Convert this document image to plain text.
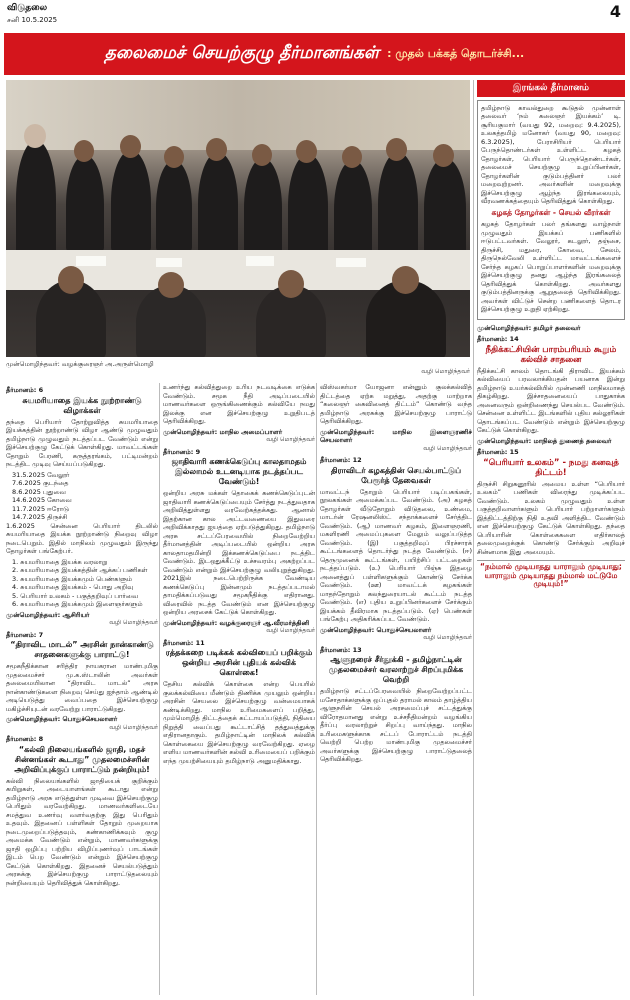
விடுதலை
சனி 10.5.2025	4
தலைமைச் செயற்குழு தீர்மானங்கள் : முதல் பக்கத் தொடர்ச்சி...
முன்மொழிந்தவர்: வழக்குரைஞர் அ.அருள்மொழி
வழி மொழிந்தவர்
தீர்மானம்: 6
சுயமரியாதை இயக்க நூற்றாண்டு விழாக்கள்
தந்தை பெரியார் தோற்றுவித்த சுயமரியாதை இயக்கத்தின் நூற்றாண்டு விழா ஆண்டு முழுவதும் தமிழ்நாடு முழுவதும் நடத்தப்பட வேண்டும் என்று இச்செயற்குழு கேட்டுக் கொள்கிறது. மாவட்டங்கள் தோறும் பேரணி, கருத்தரங்கம், பட்டிமன்றம் நடத்திட முடிவு செய்யப்படுகிறது.
31.5.2025 வேலூர்
7.6.2025 குடந்தை
8.6.2025 புதுவை
14.6.2025 கோவை
11.7.2025 ஈரோடு
14.7.2025 திருச்சி
1.6.2025 சென்னை பெரியார் திடலில் சுயமரியாதை இயக்க நூற்றாண்டு நிறைவு விழா நடைபெறும். இதில் மாநிலம் முழுவதும் இருந்து தோழர்கள் பங்கேற்பர்.
1. சுயமரியாதை இயக்க வரலாறு
2. சுயமரியாதை இயக்கத்தின் ஆக்கப் பணிகள்
3. சுயமரியாதை இயக்கமும் பெண்களும்
4. சுயமரியாதை இயக்கம் - பொது அறிவு
5. பெரியார் உலகம் - பகுத்தறிவுப் பார்வை
6. சுயமரியாதை இயக்கமும் இளைஞர்களும்
முன்மொழிந்தவர்: ஆசிரியர்
வழி மொழிந்தவர்
தீர்மானம்: 7
“திராவிட மாடல்” அரசின் நான்காண்டு சாதனைகளுக்கு பாராட்டு!
சமூகநீதிக்கான சரித்திர நாயகரான மாண்புமிகு முதலமைச்சர் மு.க.ஸ்டாலின் அவர்கள் தலைமையிலான “திராவிட மாடல்” அரசு நான்காண்டுகளை நிறைவு செய்து ஐந்தாம் ஆண்டில் அடியெடுத்து வைப்பதை இச்செயற்குழு மகிழ்ச்சியுடன் வரவேற்று பாராட்டுகிறது.
முன்மொழிந்தவர்: பொதுச்செயலாளர்
வழி மொழிந்தவர்
தீர்மானம்: 8
“கல்வி நிலையங்களில் ஜாதி, மதச் சின்னங்கள் கூடாது” முதலமைச்சரின் அறிவிப்புக்குப் பாராட்டும் நன்றியும்!
கல்வி நிலையங்களில் ஜாதியைக் குறிக்கும் கயிறுகள், அடையாளங்கள் கூடாது என்று தமிழ்நாடு அரசு எடுத்துள்ள முடிவை இச்செயற்குழு பெரிதும் வரவேற்கிறது. மாணவர்களிடையே சமத்துவ உணர்வு வளர்வதற்கு இது பெரிதும் உதவும். இதனைப் பள்ளிகள் தோறும் முறையாக நடைமுறைப்படுத்தவும், கண்காணிக்கவும் குழு அமைக்க வேண்டும் என்றும், மாணவர்களுக்கு ஜாதி ஒழிப்பு பற்றிய விழிப்புணர்வுப் பாடங்கள் இடம் பெற வேண்டும் என்றும் இச்செயற்குழு கேட்டுக் கொள்கிறது. இதனைச் செயல்படுத்தும் அரசுக்கு இச்செயற்குழு பாராட்டுதலையும் நன்றியையும் தெரிவித்துக் கொள்கிறது.
உணர்ந்து கல்வித்துறை உரிய நடவடிக்கை எடுக்க வேண்டும். சமூக நீதி அடிப்படையில் மாணவர்களை ஒருங்கிணைக்கும் கல்வியே நமது இலக்கு என இச்செயற்குழு உறுதிபடத் தெரிவிக்கிறது.
முன்மொழிந்தவர்: மாநில அமைப்பாளர்
வழி மொழிந்தவர்
தீர்மானம்: 9
ஜாதிவாரி கணக்கெடுப்பு காலதாமதம் இல்லாமல் உடனடியாக நடத்தப்பட வேண்டும்!
ஒன்றிய அரசு மக்கள் தொகைக் கணக்கெடுப்புடன் ஜாதிவாரி கணக்கெடுப்பையும் சேர்த்து நடத்துவதாக அறிவித்துள்ளது வரவேற்கத்தக்கது. ஆனால் இதற்கான கால அட்டவணையை இதுவரை அறிவிக்காதது ஐயத்தை ஏற்படுத்துகிறது. தமிழ்நாடு அரசு சட்டப்பேரவையில் நிறைவேற்றிய தீர்மானத்தின் அடிப்படையில் ஒன்றிய அரசு காலதாமதமின்றி இக்கணக்கெடுப்பை நடத்திட வேண்டும். இடஒதுக்கீட்டு உச்சவரம்பு அகற்றப்பட வேண்டும் என்றும் இச்செயற்குழு வலியுறுத்துகிறது. 2021இல் நடைபெற்றிருக்க வேண்டிய கணக்கெடுப்பு இன்னமும் நடத்தப்படாமல் தாமதிக்கப்படுவது சமூகநீதிக்கு எதிரானது. விரைவில் நடத்த வேண்டும் என இச்செயற்குழு ஒன்றிய அரசைக் கேட்டுக் கொள்கிறது.
முன்மொழிந்தவர்: வழக்குரைஞர் ஆ.வீரமர்த்தினி
வழி மொழிந்தவர்
தீர்மானம்: 11
ரத்தக்கறை படிக்கக் கல்வியைப் பறிக்கும் ஒன்றிய அரசின் புதியக் கல்விக் கொள்கை!
தேசிய கல்விக் கொள்கை என்ற பெயரில் குலக்கல்வியை மீண்டும் திணிக்க முயலும் ஒன்றிய அரசின் செயலை இச்செயற்குழு வன்மையாகக் கண்டிக்கிறது. மாநில உரிமைகளைப் பறித்து, மும்மொழித் திட்டத்தைக் கட்டாயப்படுத்தி, நிதியை நிறுத்தி வைப்பது கூட்டாட்சித் தத்துவத்துக்கு எதிரானதாகும். தமிழ்நாட்டின் மாநிலக் கல்விக் கொள்கையை இச்செயற்குழு வரவேற்கிறது. ஏழை எளிய மாணவர்களின் கல்வி உரிமையைப் பறிக்கும் எந்த முயற்சியையும் தமிழ்நாடு அனுமதிக்காது.
விஸ்வகர்மா யோஜனா என்னும் குலக்கல்வித் திட்டத்தை ஏற்க மறுத்து, அதற்கு மாற்றாக “கலைஞர் கைவினைத் திட்டம்” கொண்டு வந்த தமிழ்நாடு அரசுக்கு இச்செயற்குழு பாராட்டு தெரிவிக்கிறது.
முன்மொழிந்தவர்: மாநில இளைஞரணிச் செயலாளர்
வழி மொழிந்தவர்
தீர்மானம்: 12
திராவிடர் கழகத்தின் செயல்பாட்டுப் பேரூர்த் தேவைகள்
மாவட்டந் தோறும் பெரியார் படிப்பகங்கள், நூலகங்கள் அமைக்கப்பட வேண்டும். (அ) கழகத் தோழர்கள் வீடுதோறும் விடுதலை, உண்மை, மாடர்ன் ரேஷனலிஸ்ட் சந்தாக்களைச் சேர்த்திட வேண்டும். (ஆ) மாணவர் கழகம், இளைஞரணி, மகளிரணி அமைப்புகளை மேலும் வலுப்படுத்த வேண்டும். (இ) பகுத்தறிவுப் பிரச்சாரக் கூட்டங்களைத் தொடர்ந்து நடத்த வேண்டும். (ஈ) தெருமுனைக் கூட்டங்கள், பயிற்சிப் பட்டறைகள் நடத்தப்படும். (உ) பெரியார் பிஞ்சு இதழை அனைத்துப் பள்ளிகளுக்கும் கொண்டு சேர்க்க வேண்டும். (ஊ) மாவட்டக் கழகங்கள் மாதந்தோறும் கலந்துரையாடல் கூட்டம் நடத்த வேண்டும். (எ) புதிய உறுப்பினர்களைச் சேர்க்கும் இயக்கம் தீவிரமாக நடத்தப்படும். (ஏ) பெண்கள் பங்கேற்பு அதிகரிக்கப்பட வேண்டும்.
முன்மொழிந்தவர்: பொதுச்செயலாளர்
வழி மொழிந்தவர்
தீர்மானம்: 13
ஆளுநரைச் சீர்தூக்கி - தமிழ்நாட்டின் முதலமைச்சர் வரலாற்றுச் சிறப்புமிக்க வெற்றி
தமிழ்நாடு சட்டப்பேரவையில் நிறைவேற்றப்பட்ட மசோதாக்களுக்கு ஒப்புதல் தராமல் காலம் தாழ்த்திய ஆளுநரின் செயல் அரசமைப்புச் சட்டத்துக்கு விரோதமானது என்று உச்சநீதிமன்றம் வழங்கிய தீர்ப்பு வரலாற்றுச் சிறப்பு வாய்ந்தது. மாநில உரிமைகளுக்காக சட்டப் போராட்டம் நடத்தி வெற்றி பெற்ற மாண்புமிகு முதலமைச்சர் அவர்களுக்கு இச்செயற்குழு பாராட்டுதலைத் தெரிவிக்கிறது.
இரங்கல் தீர்மானம்
தமிழ்நாடு காவல்துறை கூடுதல் முன்னாள் தலைவர் ‘நம் கலைஞர் இயக்கம்’ டி. சூரியகுமார் (வயது 92, மறைவு: 9.4.2025), உலகத்தமிழ் மனோகர் (வயது 90, மறைவு: 6.3.2025), பேராசிரியர் பெரியார் பேருந்தொண்டர்கள் உள்ளிட்ட கழகத் தோழர்கள், பெரியார் பெருந்தொண்டர்கள், தலைமைச் செயற்குழு உறுப்பினர்கள், தோழர்களின் குடும்பத்தினர் பலர் மறைவுற்றனர். அவர்களின் மறைவுக்கு இச்செயற்குழு ஆழ்ந்த இரங்கலையும், வீரவணக்கத்தையும் தெரிவித்துக் கொள்கிறது.
கழகத் தோழர்கள் - செயல் வீரர்கள்
கழகத் தோழர்கள் பலர் தங்களது வாழ்நாள் முழுவதும் இயக்கப் பணிகளில் ஈடுபட்டவர்கள். வேலூர், கடலூர், தஞ்சை, திருச்சி, மதுரை, கோவை, சேலம், திருநெல்வேலி உள்ளிட்ட மாவட்டங்களைச் சேர்ந்த கழகப் பொறுப்பாளர்களின் மறைவுக்கு இச்செயற்குழு தனது ஆழ்ந்த இரங்கலைத் தெரிவித்துக் கொள்கிறது. அவர்களது குடும்பத்தினருக்கு ஆறுதலைத் தெரிவிக்கிறது. அவர்கள் விட்டுச் சென்ற பணிகளைத் தொடர இச்செயற்குழு உறுதி ஏற்கிறது.
முன்மொழிந்தவர்: தமிழர் தலைவர்
தீர்மானம்: 14
நீதிக்கட்சியின் பாரம்பரியம் கூறும் கல்விச் சாதனை
நீதிக்கட்சி காலம் தொடங்கி திராவிட இயக்கம் கல்வியைப் பரவலாக்கியதன் பயனாக இன்று தமிழ்நாடு உயர்கல்வியில் முன்னணி மாநிலமாகத் திகழ்கிறது. இச்சாதனையைப் பாதுகாக்க அனைவரும் ஒன்றிணைந்து செயல்பட வேண்டும். சென்னை உள்ளிட்ட இடங்களில் புதிய கல்லூரிகள் தொடங்கப்பட வேண்டும் என்றும் இச்செயற்குழு கேட்டுக் கொள்கிறது.
முன்மொழிந்தவர்: மாநிலத் துணைத் தலைவர்
தீர்மானம்: 15
“பெரியார் உலகம்” - நமது கனவுத் திட்டம்!
திருச்சி சிறுகனூரில் அமைய உள்ள “பெரியார் உலகம்” பணிகள் விரைந்து முடிக்கப்பட வேண்டும். உலகம் முழுவதும் உள்ள பகுத்தறிவாளர்களும் பெரியார் பற்றாளர்களும் இத்திட்டத்திற்கு நிதி உதவி அளித்திட வேண்டும் என இச்செயற்குழு கேட்டுக் கொள்கிறது. தந்தை பெரியாரின் கொள்கைகளை எதிர்காலத் தலைமுறைக்குக் கொண்டு சேர்க்கும் அறிவுச் சின்னமாக இது அமையும்.
“நம்மால் முடியாதது யாராலும் முடியாது; யாராலும் முடியாதது நம்மால் மட்டுமே முடியும்!”
